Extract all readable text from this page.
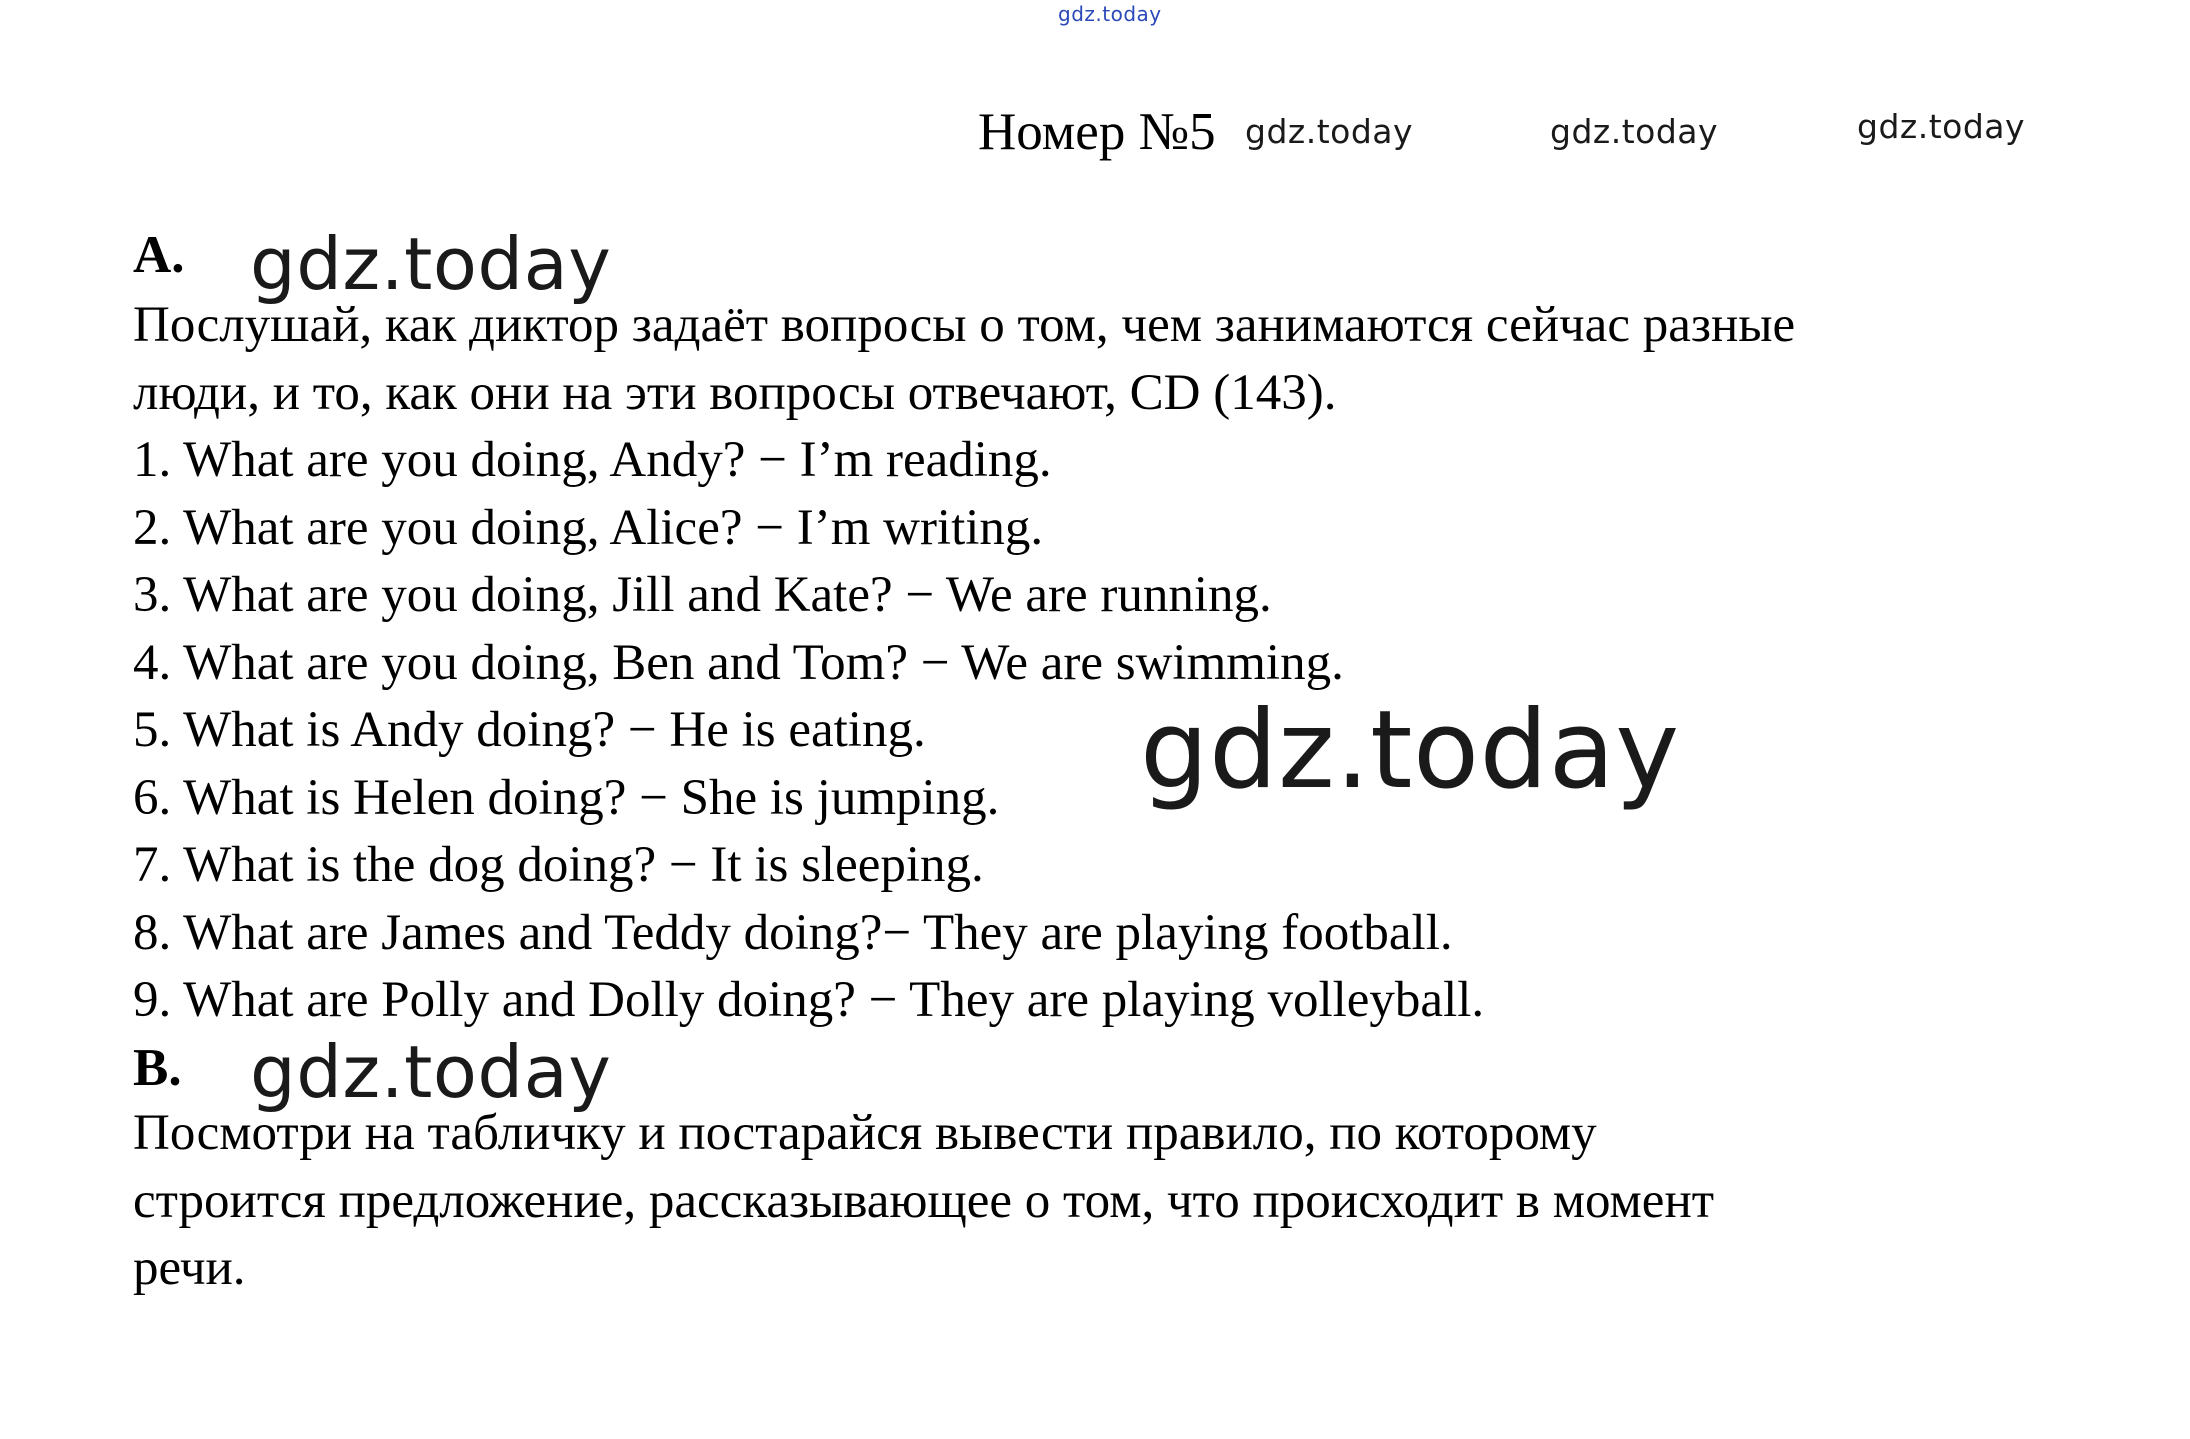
gdz.today
Номер №5 gdz.today	gdz.today	gdz.today
A. gdz.today
Послушай, как диктор задаёт вопросы о том, чем занимаются сейчас разные
люди, и то, как они на эти вопросы отвечают, CD (143).
1. What are you doing, Andy? − I’m reading.
2. What are you doing, Alice? − I’m writing.
3. What are you doing, Jill and Kate? − We are running.
4. What are you doing, Ben and Tom? − We are swimming.
5. What is Andy doing? − He is eating.
6. What is Helen doing? − She is jumping.
7. What is the dog doing? − It is sleeping.
8. What are James and Teddy doing?− They are playing football.
9. What are Polly and Dolly doing? − They are playing volleyball.
gdz.today
B. gdz.today
Посмотри на табличку и постарайся вывести правило, по которому
строится предложение, рассказывающее о том, что происходит в момент
речи.
